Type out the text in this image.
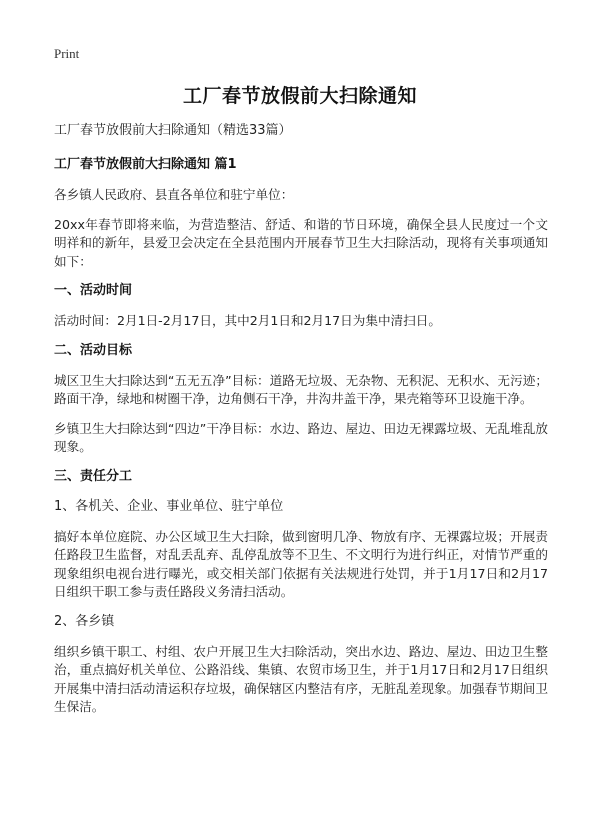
Print
工厂春节放假前大扫除通知

工厂春节放假前大扫除通知（精选33篇）

工厂春节放假前大扫除通知 篇1

各乡镇人民政府、县直各单位和驻宁单位：

20xx年春节即将来临，为营造整洁、舒适、和谐的节日环境，确保全县人民度过一个文明祥和的新年，县爱卫会决定在全县范围内开展春节卫生大扫除活动，现将有关事项通知如下：

一、活动时间

活动时间：2月1日-2月17日，其中2月1日和2月17日为集中清扫日。

二、活动目标

城区卫生大扫除达到“五无五净”目标：道路无垃圾、无杂物、无积泥、无积水、无污迹；路面干净，绿地和树圈干净，边角侧石干净，井沟井盖干净，果壳箱等环卫设施干净。

乡镇卫生大扫除达到“四边”干净目标：水边、路边、屋边、田边无裸露垃圾、无乱堆乱放现象。

三、责任分工

1、各机关、企业、事业单位、驻宁单位

搞好本单位庭院、办公区域卫生大扫除，做到窗明几净、物放有序、无裸露垃圾；开展责任路段卫生监督，对乱丢乱弃、乱停乱放等不卫生、不文明行为进行纠正，对情节严重的现象组织电视台进行曝光，或交相关部门依据有关法规进行处罚，并于1月17日和2月17日组织干职工参与责任路段义务清扫活动。

2、各乡镇

组织乡镇干职工、村组、农户开展卫生大扫除活动，突出水边、路边、屋边、田边卫生整治，重点搞好机关单位、公路沿线、集镇、农贸市场卫生，并于1月17日和2月17日组织开展集中清扫活动清运积存垃圾，确保辖区内整洁有序，无脏乱差现象。加强春节期间卫生保洁。
